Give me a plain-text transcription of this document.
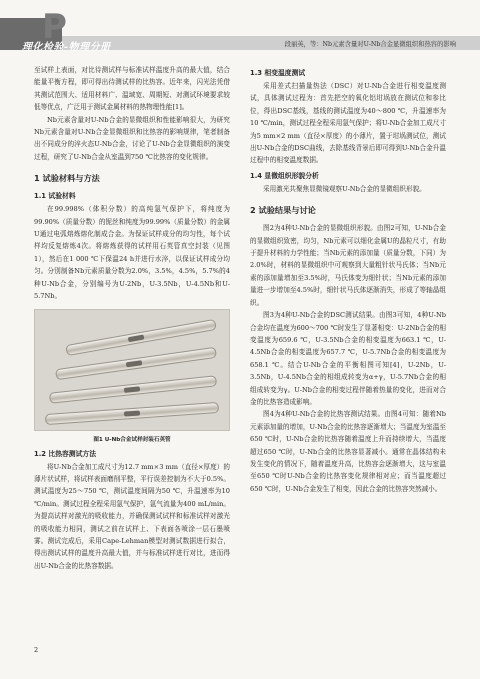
P
理化检验-物理分册	段丽英，等：Nb元素含量对U-Nb合金显微组织和热容的影响

至试样上表面，对比待测试样与标准试样温度升高的最大值，结合能量平衡方程，即可得出待测试样的比热容。近年来，闪光法凭借其测试范围大、适用材料广、温域宽、周期短、对测试环境要求较低等优点，广泛用于测试金属材料的热物理性能[1]。

Nb元素含量对U-Nb合金的显微组织和性能影响很大，为研究Nb元素含量对U-Nb合金显微组织和比热容的影响规律，笔者制备出不同成分的淬火态U-Nb合金，讨论了U-Nb合金显微组织的演变过程，研究了U-Nb合金从室温到750 ℃比热容的变化规律。

1 试验材料与方法
1.1 试验材料

在99.998%（体积分数）的高纯氩气保护下，将纯度为99.90%（质量分数）的铌丝和纯度为99.99%（质量分数）的金属U通过电弧熔炼熔化制成合金。为保证试样成分的均匀性，每个试样均反复熔炼4次。将熔炼获得的试样用石英管真空封装（见图1），然后在1 000 ℃下保温24 h并进行水淬，以保证试样成分均匀。分别制备Nb元素质量分数为2.0%，3.5%，4.5%，5.7%的4种U-Nb合金，分别编号为U-2Nb，U-3.5Nb，U-4.5Nb和U-5.7Nb。

图1 U-Nb合金试样封装石英管
1.2 比热容测试方法

将U-Nb合金加工成尺寸为12.7 mm×3 mm（直径×厚度）的薄片状试样，将试样表面磨削平整，平行误差控制为不大于0.5%。测试温度为25～750 ℃，测试温度间隔为50 ℃，升温速率为10 ℃/min。测试过程全程采用氩气保护，氩气流量为400 mL/min。为提高试样对激光的吸收能力，并确保测试试样和标准试样对激光的吸收能力相同，测试之前在试样上、下表面各喷涂一层石墨喷雾。测试完成后，采用Cape-Lehman模型对测试数据进行拟合，得出测试试样的温度升高最大值，并与标准试样进行对比，进而得出U-Nb合金的比热容数据。

1.3 相变温度测试

采用差式扫描量热法（DSC）对U-Nb合金进行相变温度测试，具体测试过程为：首先把空的氧化铝坩埚放在测试位和参比位，得出DSC基线，基线的测试温度为40～800 ℃，升温速率为10 ℃/min，测试过程全程采用氩气保护；将U-Nb合金加工成尺寸为5 mm×2 mm（直径×厚度）的小薄片，置于坩埚测试位，测试出U-Nb合金的DSC曲线，去除基线背景后即可得到U-Nb合金升温过程中的相变温度数据。

1.4 显微组织形貌分析

采用激光共聚焦显微镜观察U-Nb合金的显微组织形貌。

2 试验结果与讨论

图2为4种U-Nb合金的显微组织形貌。由图2可知，U-Nb合金的显微组织致密，均匀，Nb元素可以细化金属U的晶粒尺寸，有助于提升材料的力学性能；当Nb元素的添加量（质量分数，下同）为2.0%时，材料的显微组织中可观察到大量粗针状马氏体；当Nb元素的添加量增加至3.5%时，马氏体变为细针状；当Nb元素的添加量进一步增加至4.5%时，细针状马氏体逐渐消失，形成了等轴晶组织。

图3为4种U-Nb合金的DSC测试结果。由图3可知，4种U-Nb合金均在温度为600～700 ℃时发生了显著相变：U-2Nb合金的相变温度为659.6 ℃，U-3.5Nb合金的相变温度为663.1 ℃，U-4.5Nb合金的相变温度为657.7 ℃，U-5.7Nb合金的相变温度为658.1 ℃。结合U-Nb合金的平衡相图可知[4]，U-2Nb，U-3.5Nb，U-4.5Nb合金的相组成转变为α+γ，U-5.7Nb合金的相组成转变为γ。U-Nb合金的相变过程伴随着热量的变化，进而对合金的比热容造成影响。

图4为4种U-Nb合金的比热容测试结果。由图4可知：随着Nb元素添加量的增加，U-Nb合金的比热容逐渐增大；当温度为室温至650 ℃时，U-Nb合金的比热容随着温度上升而持续增大，当温度超过650 ℃时，U-Nb合金的比热容显著减小。通常在晶体结构未发生变化的情况下，随着温度升高，比热容会逐渐增大，这与室温至650 ℃时U-Nb合金的比热容变化规律相对应；而当温度超过650 ℃时，U-Nb合金发生了相变，因此合金的比热容突然减小。

2
